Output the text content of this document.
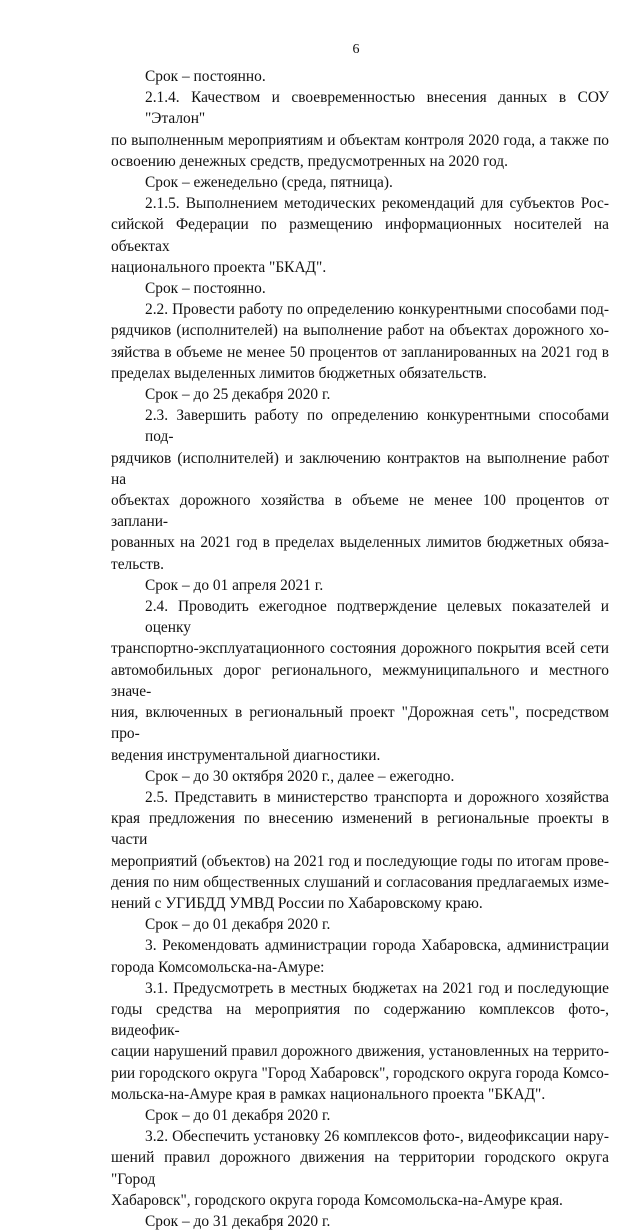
6
Срок – постоянно.
2.1.4. Качеством и своевременностью внесения данных в СОУ "Эталон"
по выполненным мероприятиям и объектам контроля 2020 года, а также по
освоению денежных средств, предусмотренных на 2020 год.
Срок – еженедельно (среда, пятница).
2.1.5. Выполнением методических рекомендаций для субъектов Рос-
сийской Федерации по размещению информационных носителей на объектах
национального проекта "БКАД".
Срок – постоянно.
2.2. Провести работу по определению конкурентными способами под-
рядчиков (исполнителей) на выполнение работ на объектах дорожного хо-
зяйства в объеме не менее 50 процентов от запланированных на 2021 год в
пределах выделенных лимитов бюджетных обязательств.
Срок – до 25 декабря 2020 г.
2.3. Завершить работу по определению конкурентными способами под-
рядчиков (исполнителей) и заключению контрактов на выполнение работ на
объектах дорожного хозяйства в объеме не менее 100 процентов от заплани-
рованных на 2021 год в пределах выделенных лимитов бюджетных обяза-
тельств.
Срок – до 01 апреля 2021 г.
2.4. Проводить ежегодное подтверждение целевых показателей и оценку
транспортно-эксплуатационного состояния дорожного покрытия всей сети
автомобильных дорог регионального, межмуниципального и местного значе-
ния, включенных в региональный проект "Дорожная сеть", посредством про-
ведения инструментальной диагностики.
Срок – до 30 октября 2020 г., далее – ежегодно.
2.5. Представить в министерство транспорта и дорожного хозяйства
края предложения по внесению изменений в региональные проекты в части
мероприятий (объектов) на 2021 год и последующие годы по итогам прове-
дения по ним общественных слушаний и согласования предлагаемых изме-
нений с УГИБДД УМВД России по Хабаровскому краю.
Срок – до 01 декабря 2020 г.
3. Рекомендовать администрации города Хабаровска, администрации
города Комсомольска-на-Амуре:
3.1. Предусмотреть в местных бюджетах на 2021 год и последующие
годы средства на мероприятия по содержанию комплексов фото-, видеофик-
сации нарушений правил дорожного движения, установленных на террито-
рии городского округа "Город Хабаровск", городского округа города Комсо-
мольска-на-Амуре края в рамках национального проекта "БКАД".
Срок – до 01 декабря 2020 г.
3.2. Обеспечить установку 26 комплексов фото-, видеофиксации нару-
шений правил дорожного движения на территории городского округа "Город
Хабаровск", городского округа города Комсомольска-на-Амуре края.
Срок – до 31 декабря 2020 г.
